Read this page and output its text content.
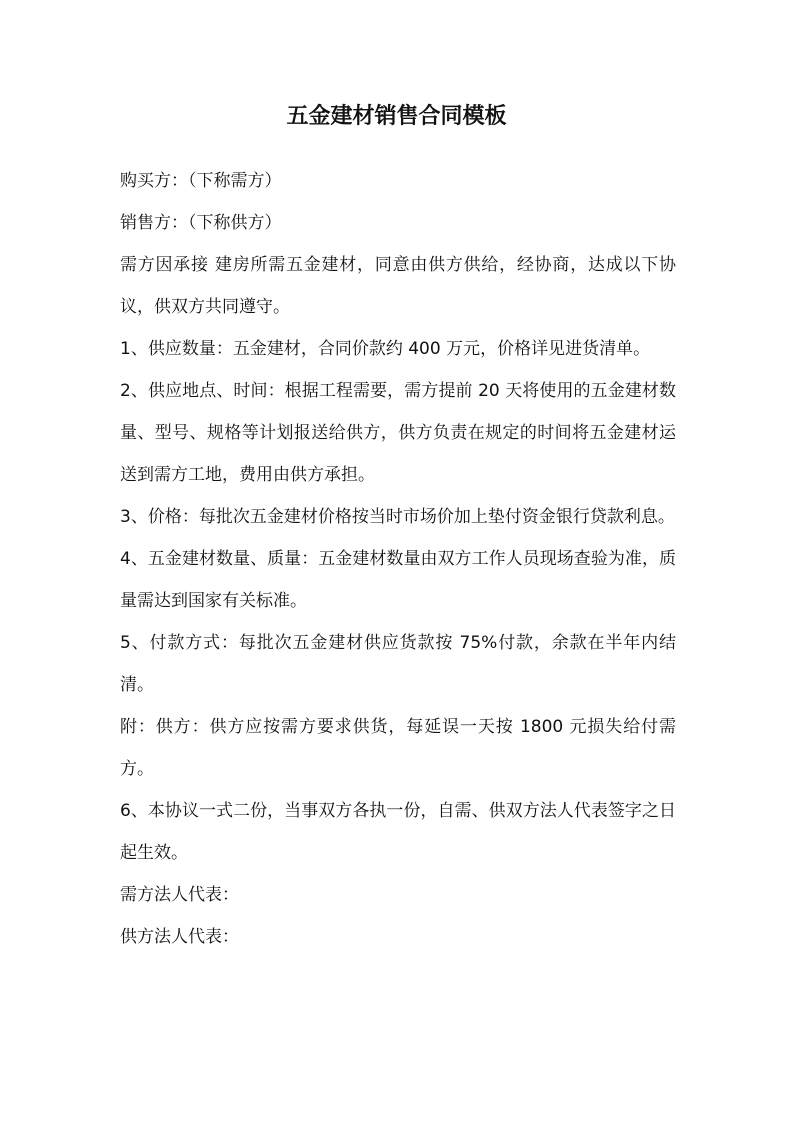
五金建材销售合同模板

购买方：（下称需方）

销售方：（下称供方）

需方因承接 建房所需五金建材，同意由供方供给，经协商，达成以下协议，供双方共同遵守。

1、供应数量：五金建材，合同价款约 400 万元，价格详见进货清单。

2、供应地点、时间：根据工程需要，需方提前 20 天将使用的五金建材数量、型号、规格等计划报送给供方，供方负责在规定的时间将五金建材运送到需方工地，费用由供方承担。

3、价格：每批次五金建材价格按当时市场价加上垫付资金银行贷款利息。

4、五金建材数量、质量：五金建材数量由双方工作人员现场查验为准，质量需达到国家有关标准。

5、付款方式：每批次五金建材供应货款按 75%付款，余款在半年内结清。

附：供方：供方应按需方要求供货，每延误一天按 1800 元损失给付需方。

6、本协议一式二份，当事双方各执一份，自需、供双方法人代表签字之日起生效。

需方法人代表：

供方法人代表：
